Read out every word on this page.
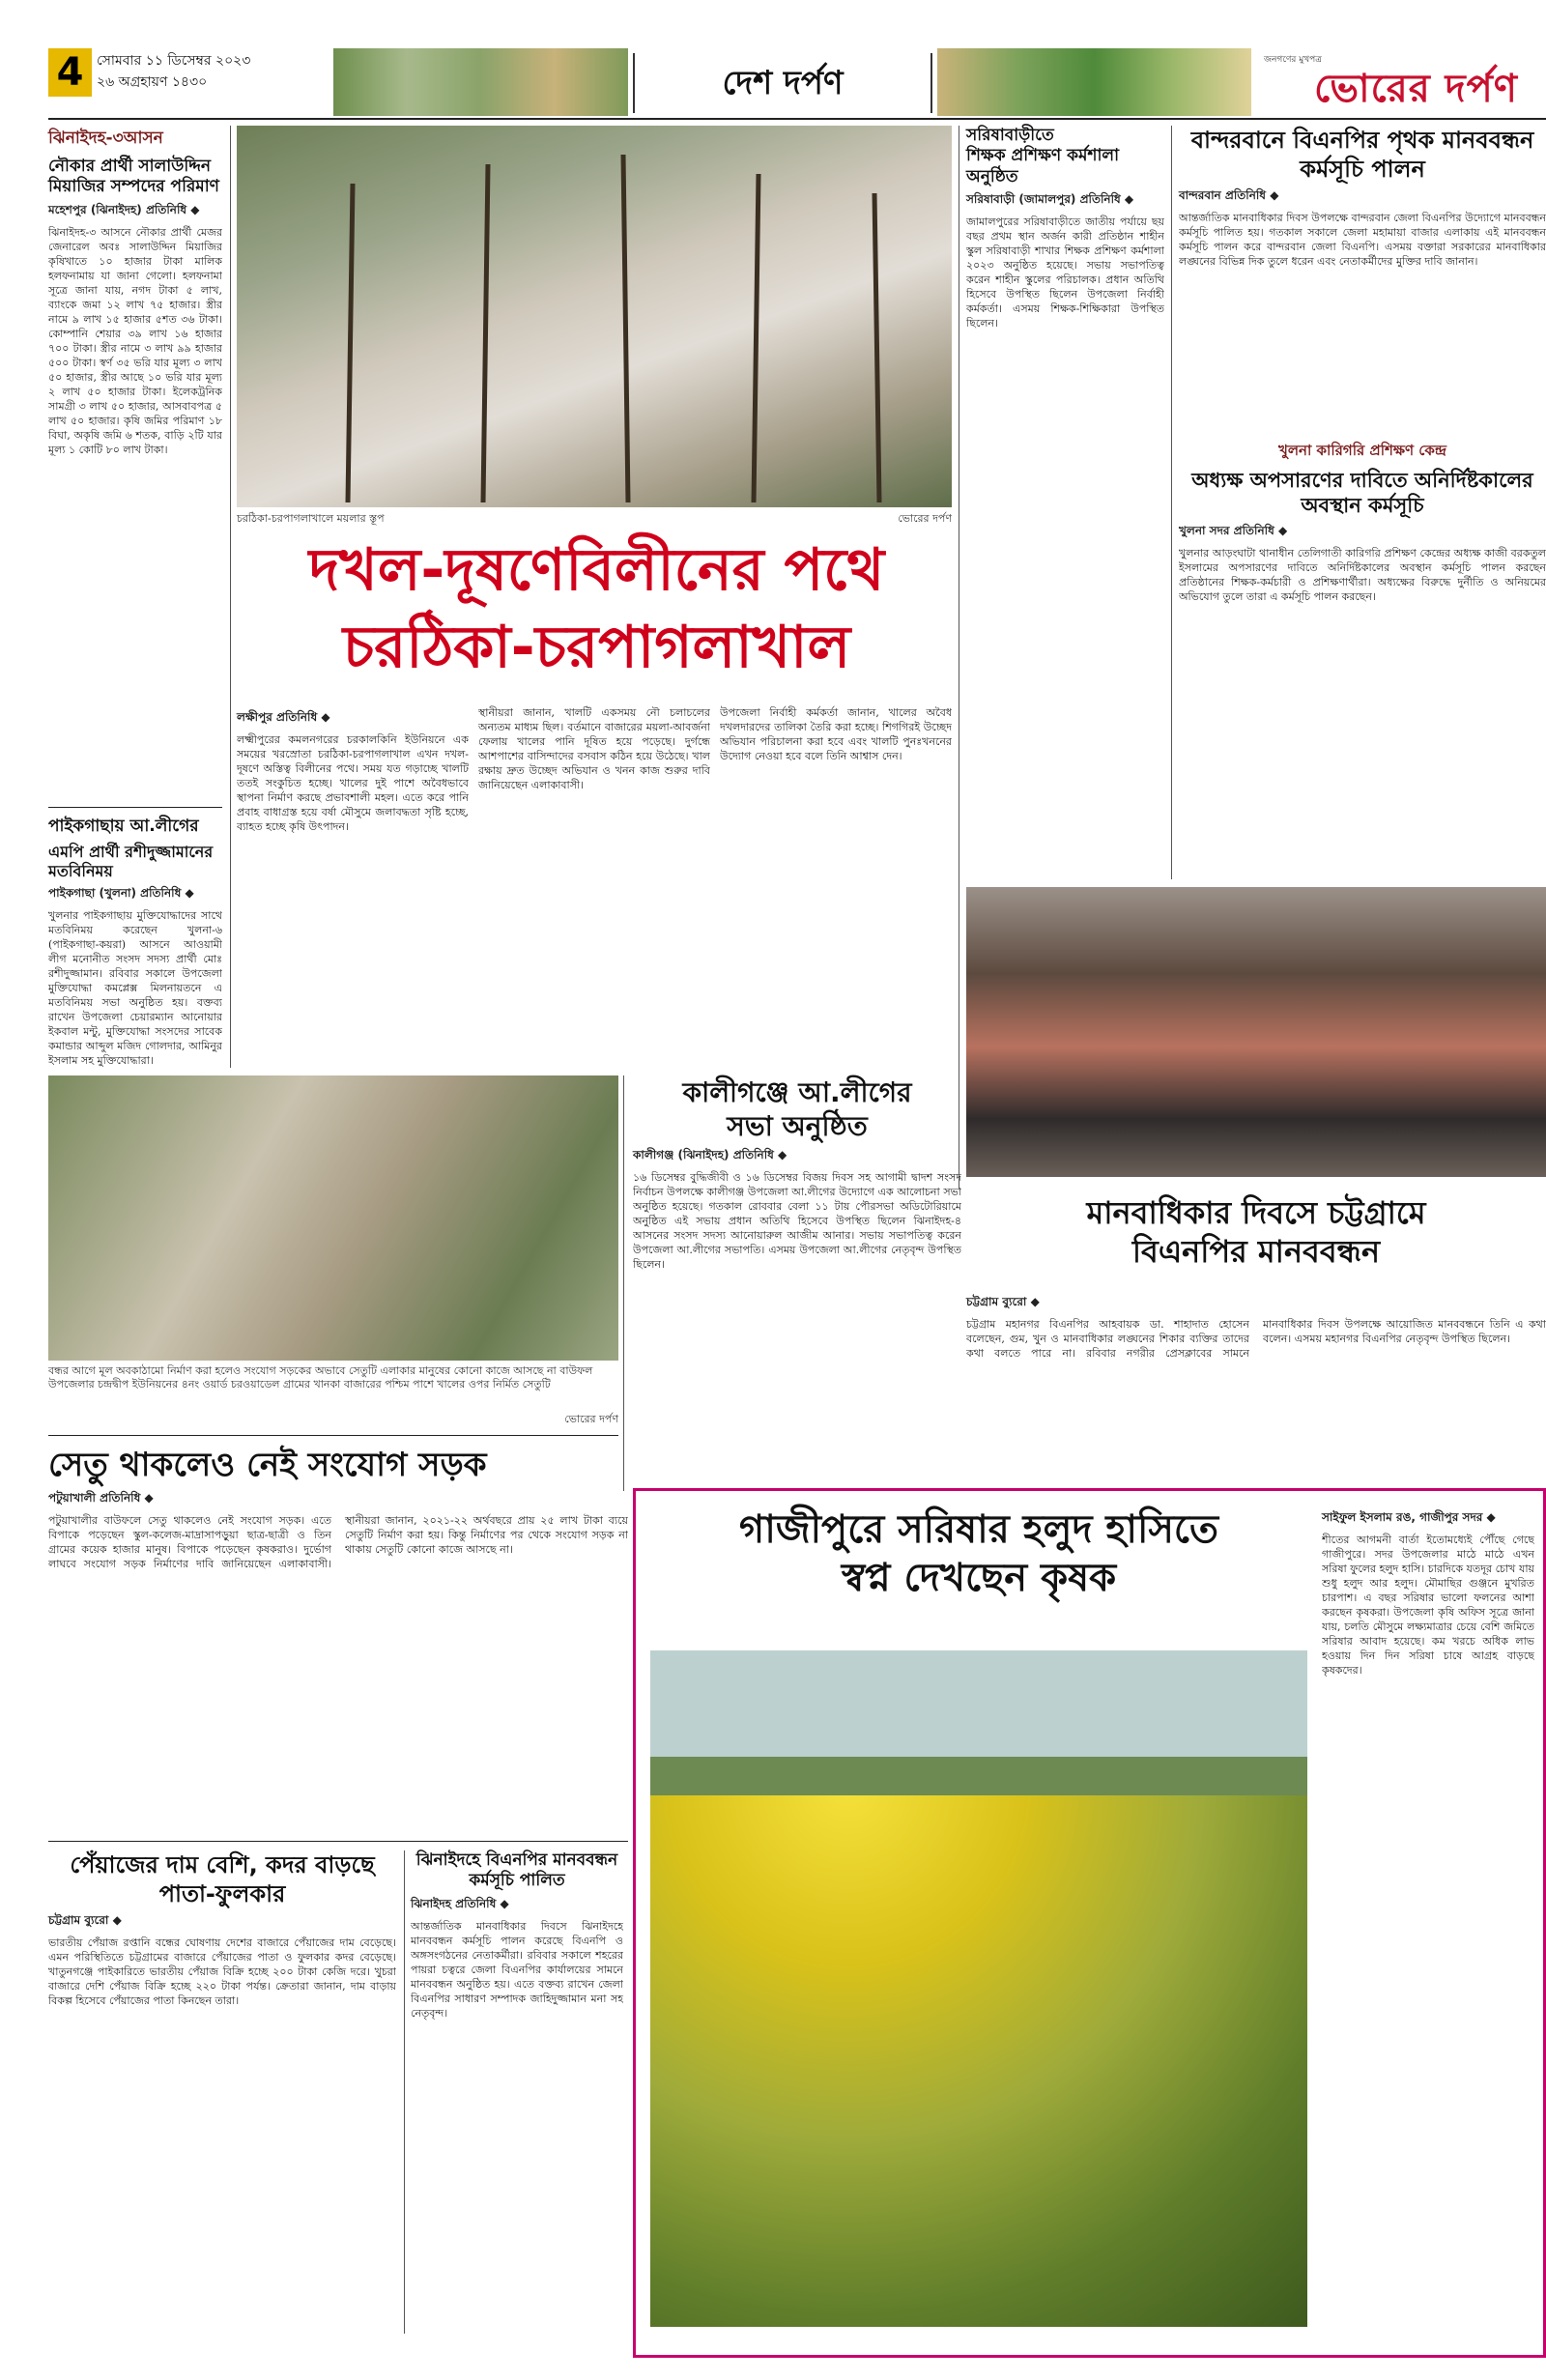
4 সোমবার ১১ ডিসেম্বর ২০২৩
২৬ অগ্রহায়ণ ১৪৩০	দেশ দর্পণ
জনগণের মুখপত্র
ভোরের দর্পণ
ঝিনাইদহ-৩আসন
নৌকার প্রার্থী সালাউদ্দিন মিয়াজির সম্পদের পরিমাণ
মহেশপুর (ঝিনাইদহ) প্রতিনিধি ◆
ঝিনাইদহ-৩ আসনে নৌকার প্রার্থী মেজর জেনারেল অবঃ সালাউদ্দিন মিয়াজির কৃষিখাতে ১০ হাজার টাকা মালিক হলফনামায় যা জানা গেলো। হলফনামা সূত্রে জানা যায়, নগদ টাকা ৫ লাখ, ব্যাংকে জমা ১২ লাখ ৭৫ হাজার। স্ত্রীর নামে ৯ লাখ ১৫ হাজার ৫শত ৩৬ টাকা। কোম্পানি শেয়ার ৩৯ লাখ ১৬ হাজার ৭০০ টাকা। স্ত্রীর নামে ৩ লাখ ৯৯ হাজার ৫০০ টাকা। স্বর্ণ ৩৫ ভরি যার মূল্য ৩ লাখ ৫০ হাজার, স্ত্রীর আছে ১০ ভরি যার মূল্য ২ লাখ ৫০ হাজার টাকা। ইলেকট্রনিক সামগ্রী ৩ লাখ ৫০ হাজার, আসবাবপত্র ৫ লাখ ৫০ হাজার। কৃষি জমির পরিমাণ ১৮ বিঘা, অকৃষি জমি ৬ শতক, বাড়ি ২টি যার মূল্য ১ কোটি ৮০ লাখ টাকা।
পাইকগাছায় আ.লীগের
এমপি প্রার্থী রশীদুজ্জামানের মতবিনিময়
পাইকগাছা (খুলনা) প্রতিনিধি ◆
খুলনার পাইকগাছায় মুক্তিযোদ্ধাদের সাথে মতবিনিময় করেছেন খুলনা-৬ (পাইকগাছা-কয়রা) আসনে আওয়ামী লীগ মনোনীত সংসদ সদস্য প্রার্থী মোঃ রশীদুজ্জামান। রবিবার সকালে উপজেলা মুক্তিযোদ্ধা কমপ্লেক্স মিলনায়তনে এ মতবিনিময় সভা অনুষ্ঠিত হয়। বক্তব্য রাখেন উপজেলা চেয়ারম্যান আনোয়ার ইকবাল মন্টু, মুক্তিযোদ্ধা সংসদের সাবেক কমান্ডার আব্দুল মজিদ গোলদার, আমিনুর ইসলাম সহ মুক্তিযোদ্ধারা।
চরঠিকা-চরপাগলাখালে ময়লার স্তূপ	ভোরের দর্পণ
দখল-দূষণেবিলীনের পথে
চরঠিকা-চরপাগলাখাল
লক্ষীপুর প্রতিনিধি ◆
লক্ষ্মীপুরের কমলনগরের চরকালকিনি ইউনিয়নে এক সময়ের খরস্রোতা চরঠিকা-চরপাগলাখাল এখন দখল-দূষণে অস্তিত্ব বিলীনের পথে। সময় যত গড়াচ্ছে খালটি ততই সংকুচিত হচ্ছে। খালের দুই পাশে অবৈধভাবে স্থাপনা নির্মাণ করছে প্রভাবশালী মহল। এতে করে পানি প্রবাহ বাধাগ্রস্ত হয়ে বর্ষা মৌসুমে জলাবদ্ধতা সৃষ্টি হচ্ছে, ব্যাহত হচ্ছে কৃষি উৎপাদন।
স্থানীয়রা জানান, খালটি একসময় নৌ চলাচলের অন্যতম মাধ্যম ছিল। বর্তমানে বাজারের ময়লা-আবর্জনা ফেলায় খালের পানি দূষিত হয়ে পড়েছে। দুর্গন্ধে আশপাশের বাসিন্দাদের বসবাস কঠিন হয়ে উঠেছে। খাল রক্ষায় দ্রুত উচ্ছেদ অভিযান ও খনন কাজ শুরুর দাবি জানিয়েছেন এলাকাবাসী।
উপজেলা নির্বাহী কর্মকর্তা জানান, খালের অবৈধ দখলদারদের তালিকা তৈরি করা হচ্ছে। শিগগিরই উচ্ছেদ অভিযান পরিচালনা করা হবে এবং খালটি পুনঃখননের উদ্যোগ নেওয়া হবে বলে তিনি আশ্বাস দেন।
সরিষাবাড়ীতে
শিক্ষক প্রশিক্ষণ কর্মশালা অনুষ্ঠিত
সরিষাবাড়ী (জামালপুর) প্রতিনিধি ◆
জামালপুরের সরিষাবাড়ীতে জাতীয় পর্যায়ে ছয় বছর প্রথম স্থান অর্জন কারী প্রতিষ্ঠান শাহীন স্কুল সরিষাবাড়ী শাখার শিক্ষক প্রশিক্ষণ কর্মশালা ২০২৩ অনুষ্ঠিত হয়েছে। সভায় সভাপতিত্ব করেন শাহীন স্কুলের পরিচালক। প্রধান অতিথি হিসেবে উপস্থিত ছিলেন উপজেলা নির্বাহী কর্মকর্তা। এসময় শিক্ষক-শিক্ষিকারা উপস্থিত ছিলেন।
বান্দরবানে বিএনপির পৃথক মানববন্ধন কর্মসূচি পালন
বান্দরবান প্রতিনিধি ◆
আন্তর্জাতিক মানবাধিকার দিবস উপলক্ষে বান্দরবান জেলা বিএনপির উদ্যোগে মানববন্ধন কর্মসূচি পালিত হয়। গতকাল সকালে জেলা মহামায়া বাজার এলাকায় এই মানববন্ধন কর্মসূচি পালন করে বান্দরবান জেলা বিএনপি। এসময় বক্তারা সরকারের মানবাধিকার লঙ্ঘনের বিভিন্ন দিক তুলে ধরেন এবং নেতাকর্মীদের মুক্তির দাবি জানান।
খুলনা কারিগরি প্রশিক্ষণ কেন্দ্র
অধ্যক্ষ অপসারণের দাবিতে অনির্দিষ্টকালের অবস্থান কর্মসূচি
খুলনা সদর প্রতিনিধি ◆
খুলনার আড়ংঘাটা থানাধীন তেলিগাতী কারিগরি প্রশিক্ষণ কেন্দ্রের অধ্যক্ষ কাজী বরকতুল ইসলামের অপসারণের দাবিতে অনির্দিষ্টকালের অবস্থান কর্মসূচি পালন করছেন প্রতিষ্ঠানের শিক্ষক-কর্মচারী ও প্রশিক্ষণার্থীরা। অধ্যক্ষের বিরুদ্ধে দুর্নীতি ও অনিয়মের অভিযোগ তুলে তারা এ কর্মসূচি পালন করছেন।
মানবাধিকার দিবসে চট্টগ্রামে
বিএনপির মানববন্ধন
চট্টগ্রাম ব্যুরো ◆
চট্টগ্রাম মহানগর বিএনপির আহবায়ক ডা. শাহাদাত হোসেন বলেছেন, গুম, খুন ও মানবাধিকার লঙ্ঘনের শিকার ব্যক্তির তাদের কথা বলতে পারে না। রবিবার নগরীর প্রেসক্লাবের সামনে মানবাধিকার দিবস উপলক্ষে আয়োজিত মানববন্ধনে তিনি এ কথা বলেন। এসময় মহানগর বিএনপির নেতৃবৃন্দ উপস্থিত ছিলেন।
বন্ধর আগে মূল অবকাঠামো নির্মাণ করা হলেও সংযোগ সড়কের অভাবে সেতুটি এলাকার মানুষের কোনো কাজে আসছে না বাউফল উপজেলার চন্দ্রদ্বীপ ইউনিয়নের ৪নং ওয়ার্ড চরওয়াডেল গ্রামের খানকা বাজারের পশ্চিম পাশে খালের ওপর নির্মিত সেতুটি
ভোরের দর্পণ
কালীগঞ্জে আ.লীগের
সভা অনুষ্ঠিত
কালীগঞ্জ (ঝিনাইদহ) প্রতিনিধি ◆
১৬ ডিসেম্বর বুদ্ধিজীবী ও ১৬ ডিসেম্বর বিজয় দিবস সহ আগামী দ্বাদশ সংসদ নির্বাচন উপলক্ষে কালীগঞ্জ উপজেলা আ.লীগের উদ্যোগে এক আলোচনা সভা অনুষ্ঠিত হয়েছে। গতকাল রোববার বেলা ১১ টায় পৌরসভা অডিটোরিয়ামে অনুষ্ঠিত এই সভায় প্রধান অতিথি হিসেবে উপস্থিত ছিলেন ঝিনাইদহ-৪ আসনের সংসদ সদস্য আনোয়ারুল আজীম আনার। সভায় সভাপতিত্ব করেন উপজেলা আ.লীগের সভাপতি। এসময় উপজেলা আ.লীগের নেতৃবৃন্দ উপস্থিত ছিলেন।
সেতু থাকলেও নেই সংযোগ সড়ক
পটুয়াখালী প্রতিনিধি ◆
পটুয়াখালীর বাউফলে সেতু থাকলেও নেই সংযোগ সড়ক। এতে বিপাকে পড়েছেন স্কুল-কলেজ-মাদ্রাসাপড়ুয়া ছাত্র-ছাত্রী ও তিন গ্রামের কয়েক হাজার মানুষ। বিপাকে পড়েছেন কৃষকরাও। দুর্ভোগ লাঘবে সংযোগ সড়ক নির্মাণের দাবি জানিয়েছেন এলাকাবাসী। স্থানীয়রা জানান, ২০২১-২২ অর্থবছরে প্রায় ২৫ লাখ টাকা ব্যয়ে সেতুটি নির্মাণ করা হয়। কিন্তু নির্মাণের পর থেকে সংযোগ সড়ক না থাকায় সেতুটি কোনো কাজে আসছে না।
পেঁয়াজের দাম বেশি, কদর বাড়ছে পাতা-ফুলকার
চট্টগ্রাম ব্যুরো ◆
ভারতীয় পেঁয়াজ রপ্তানি বন্ধের ঘোষণায় দেশের বাজারে পেঁয়াজের দাম বেড়েছে। এমন পরিস্থিতিতে চট্টগ্রামের বাজারে পেঁয়াজের পাতা ও ফুলকার কদর বেড়েছে। খাতুনগঞ্জে পাইকারিতে ভারতীয় পেঁয়াজ বিক্রি হচ্ছে ২০০ টাকা কেজি দরে। খুচরা বাজারে দেশি পেঁয়াজ বিক্রি হচ্ছে ২২০ টাকা পর্যন্ত। ক্রেতারা জানান, দাম বাড়ায় বিকল্প হিসেবে পেঁয়াজের পাতা কিনছেন তারা।
ঝিনাইদহে বিএনপির মানববন্ধন কর্মসূচি পালিত
ঝিনাইদহ প্রতিনিধি ◆
আন্তর্জাতিক মানবাধিকার দিবসে ঝিনাইদহে মানববন্ধন কর্মসূচি পালন করেছে বিএনপি ও অঙ্গসংগঠনের নেতাকর্মীরা। রবিবার সকালে শহরের পায়রা চত্বরে জেলা বিএনপির কার্যালয়ের সামনে মানববন্ধন অনুষ্ঠিত হয়। এতে বক্তব্য রাখেন জেলা বিএনপির সাধারণ সম্পাদক জাহিদুজ্জামান মনা সহ নেতৃবৃন্দ।
গাজীপুরে সরিষার হলুদ হাসিতে
স্বপ্ন দেখছেন কৃষক
সাইফুল ইসলাম রঙ, গাজীপুর সদর ◆
শীতের আগমনী বার্তা ইতোমধ্যেই পৌঁছে গেছে গাজীপুরে। সদর উপজেলার মাঠে মাঠে এখন সরিষা ফুলের হলুদ হাসি। চারদিকে যতদূর চোখ যায় শুধু হলুদ আর হলুদ। মৌমাছির গুঞ্জনে মুখরিত চারপাশ। এ বছর সরিষার ভালো ফলনের আশা করছেন কৃষকরা। উপজেলা কৃষি অফিস সূত্রে জানা যায়, চলতি মৌসুমে লক্ষ্যমাত্রার চেয়ে বেশি জমিতে সরিষার আবাদ হয়েছে। কম খরচে অধিক লাভ হওয়ায় দিন দিন সরিষা চাষে আগ্রহ বাড়ছে কৃষকদের।
